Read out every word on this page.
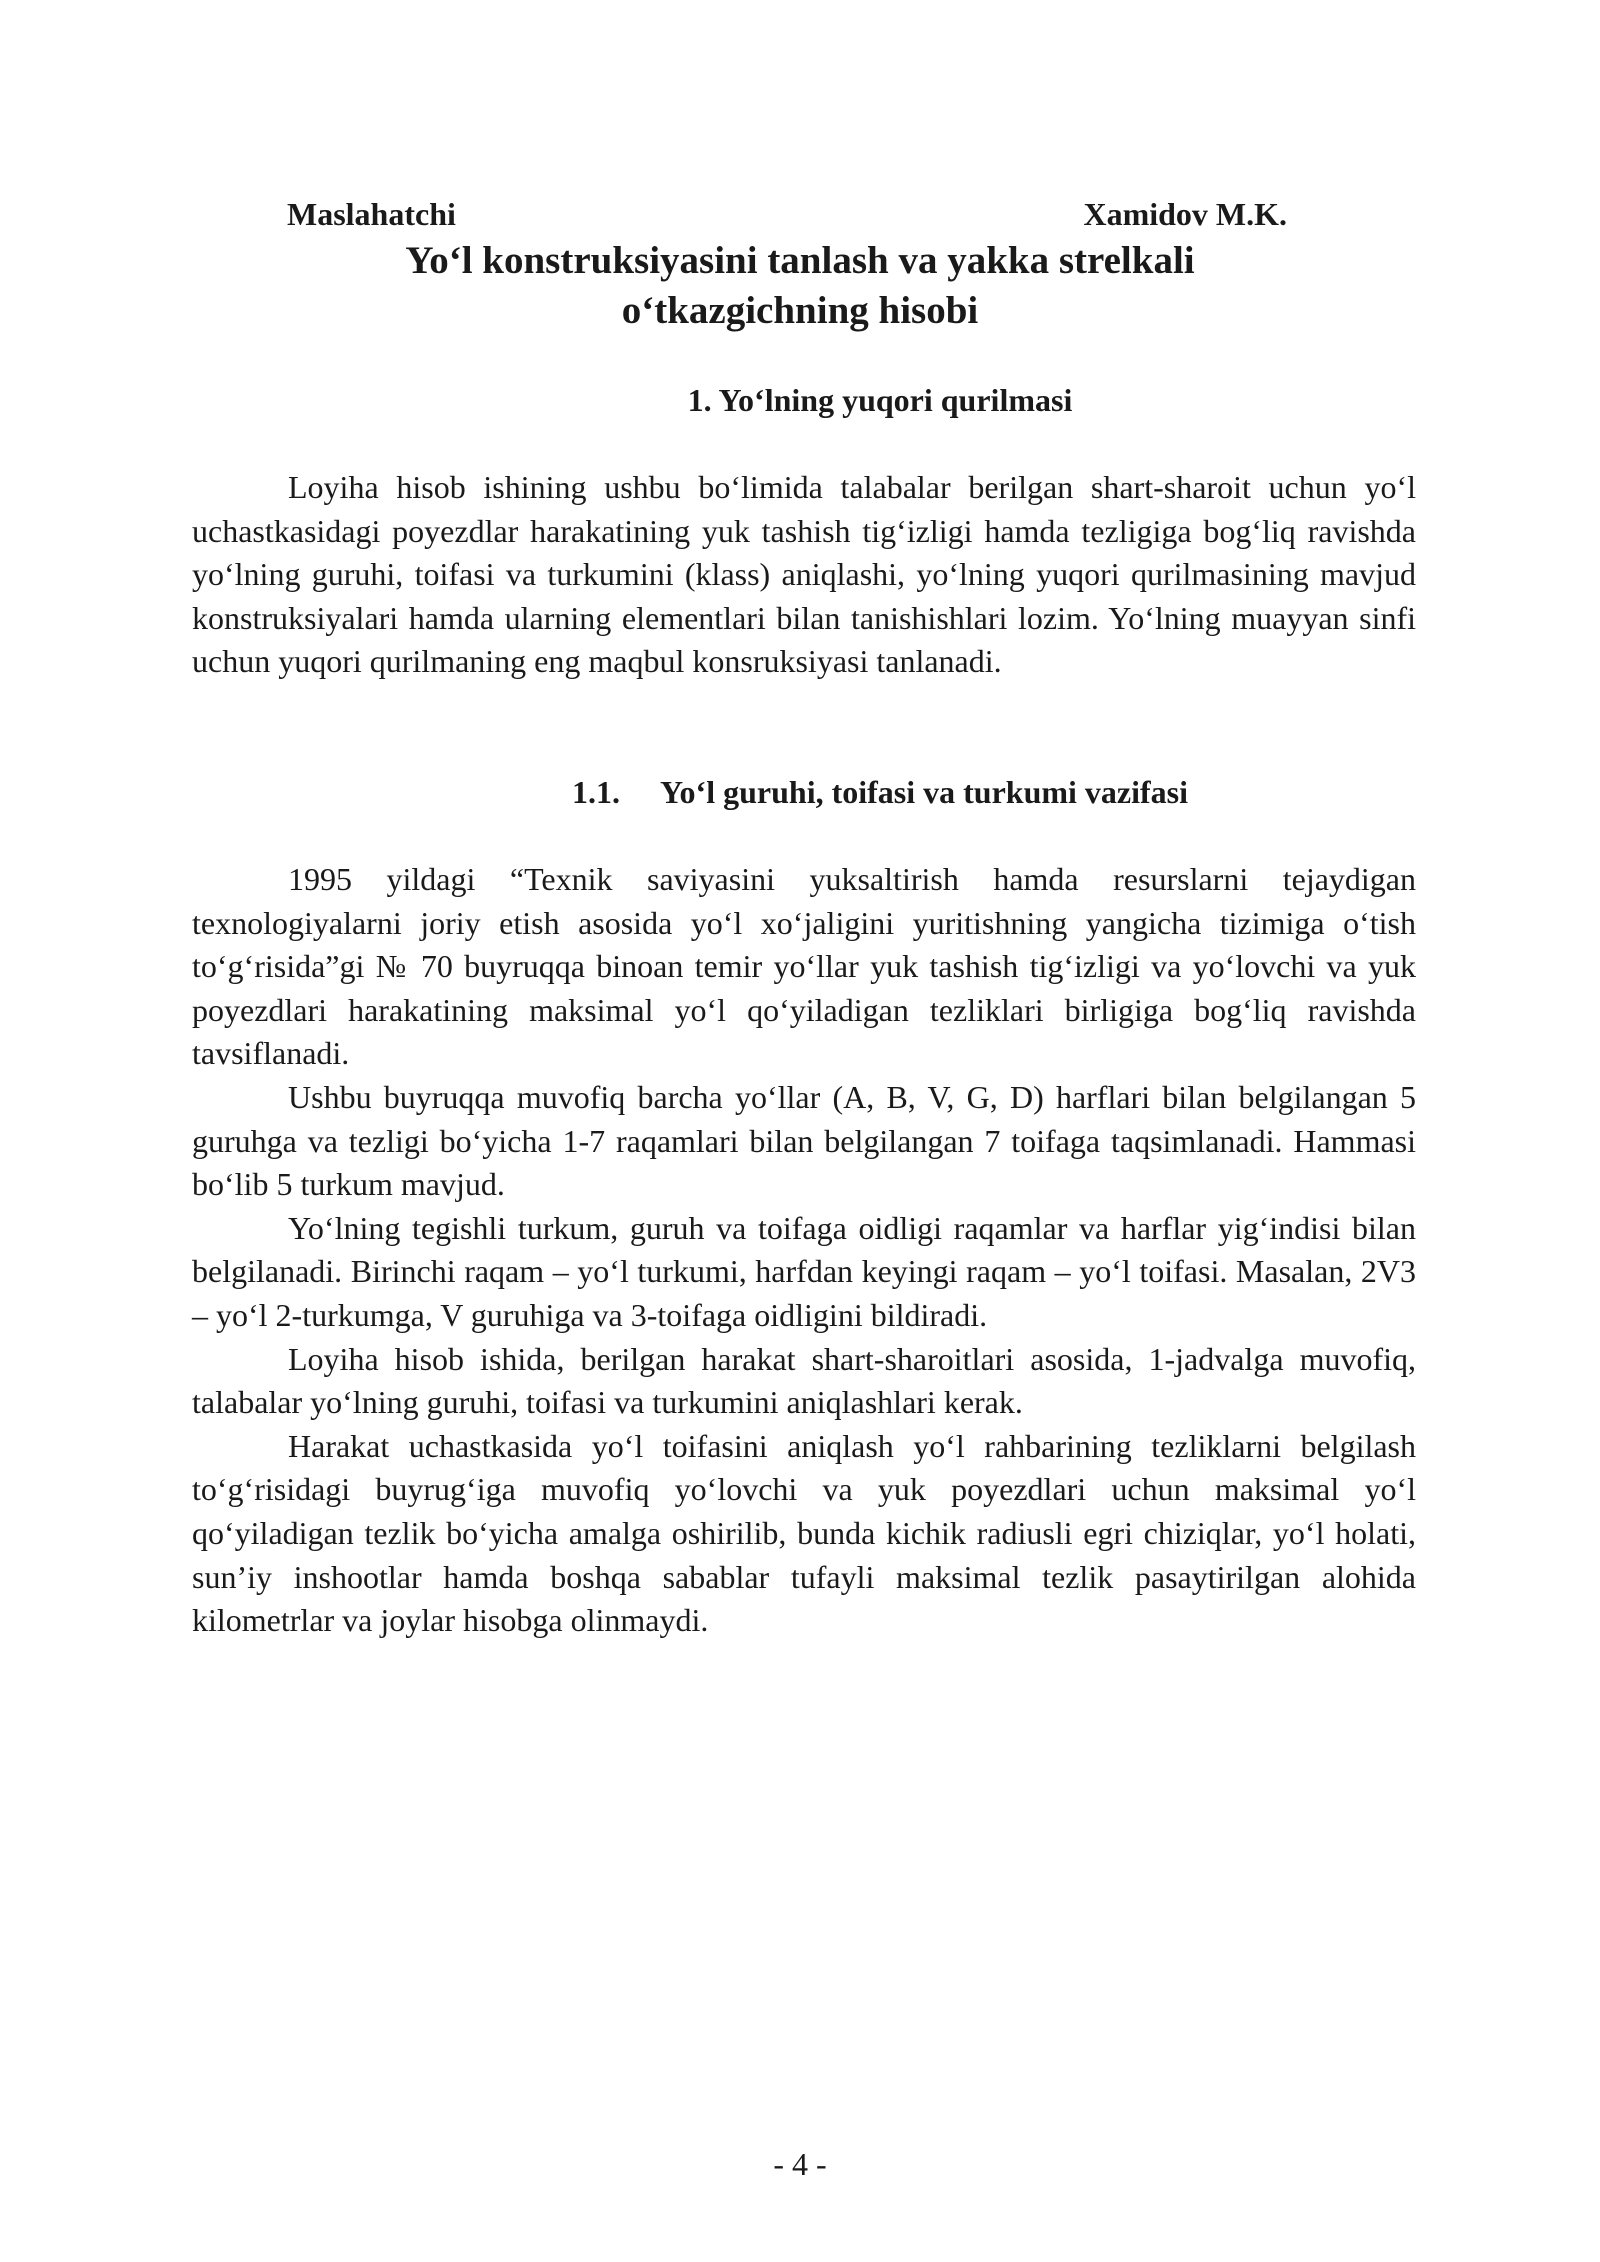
Maslahatchi	Xamidov M.K.
Yo‘l konstruksiyasini tanlash va yakka strelkali
o‘tkazgichning hisobi
1. Yo‘lning yuqori qurilmasi

Loyiha hisob ishining ushbu bo‘limida talabalar berilgan shart-sharoit uchun yo‘l uchastkasidagi poyezdlar harakatining yuk tashish tig‘izligi hamda tezligiga bog‘liq ravishda yo‘lning guruhi, toifasi va turkumini (klass) aniqlashi, yo‘lning yuqori qurilmasining mavjud konstruksiyalari hamda ularning elementlari bilan tanishishlari lozim. Yo‘lning muayyan sinfi uchun yuqori qurilmaning eng maqbul konsruksiyasi tanlanadi.

1.1. Yo‘l guruhi, toifasi va turkumi vazifasi

1995 yildagi “Texnik saviyasini yuksaltirish hamda resurslarni tejaydigan texnologiyalarni joriy etish asosida yo‘l xo‘jaligini yuritishning yangicha tizimiga o‘tish to‘g‘risida”gi № 70 buyruqqa binoan temir yo‘llar yuk tashish tig‘izligi va yo‘lovchi va yuk poyezdlari harakatining maksimal yo‘l qo‘yiladigan tezliklari birligiga bog‘liq ravishda tavsiflanadi.

Ushbu buyruqqa muvofiq barcha yo‘llar (A, B, V, G, D) harflari bilan belgilangan 5 guruhga va tezligi bo‘yicha 1-7 raqamlari bilan belgilangan 7 toifaga taqsimlanadi. Hammasi bo‘lib 5 turkum mavjud.

Yo‘lning tegishli turkum, guruh va toifaga oidligi raqamlar va harflar yig‘indisi bilan belgilanadi. Birinchi raqam – yo‘l turkumi, harfdan keyingi raqam – yo‘l toifasi. Masalan, 2V3 – yo‘l 2-turkumga, V guruhiga va 3-toifaga oidligini bildiradi.

Loyiha hisob ishida, berilgan harakat shart-sharoitlari asosida, 1-jadvalga muvofiq, talabalar yo‘lning guruhi, toifasi va turkumini aniqlashlari kerak.

Harakat uchastkasida yo‘l toifasini aniqlash yo‘l rahbarining tezliklarni belgilash to‘g‘risidagi buyrug‘iga muvofiq yo‘lovchi va yuk poyezdlari uchun maksimal yo‘l qo‘yiladigan tezlik bo‘yicha amalga oshirilib, bunda kichik radiusli egri chiziqlar, yo‘l holati, sun’iy inshootlar hamda boshqa sabablar tufayli maksimal tezlik pasaytirilgan alohida kilometrlar va joylar hisobga olinmaydi.

- 4 -
